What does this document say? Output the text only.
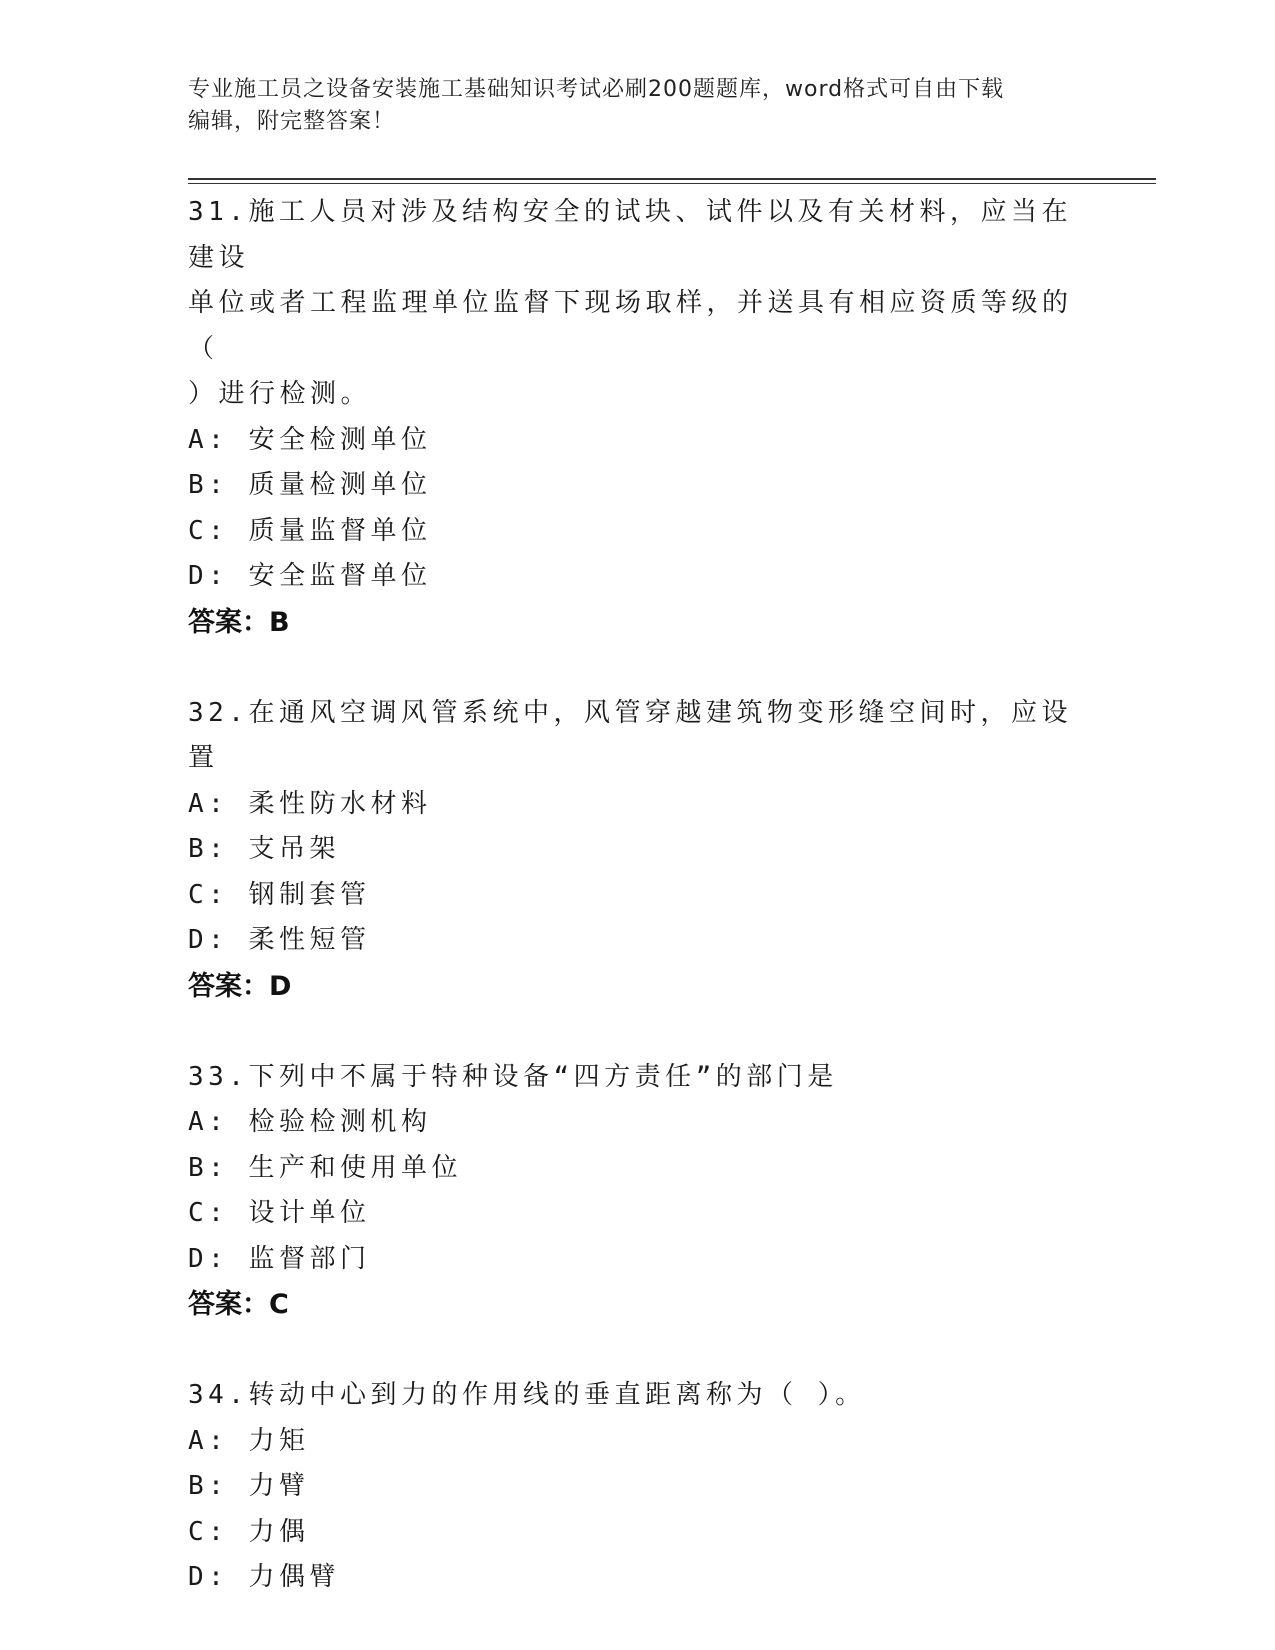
专业施工员之设备安装施工基础知识考试必刷200题题库，word格式可自由下载
编辑，附完整答案！
31.施工人员对涉及结构安全的试块、试件以及有关材料，应当在建设
单位或者工程监理单位监督下现场取样，并送具有相应资质等级的（
）进行检测。
A: 安全检测单位
B: 质量检测单位
C: 质量监督单位
D: 安全监督单位
答案：B
32.在通风空调风管系统中，风管穿越建筑物变形缝空间时，应设置
A: 柔性防水材料
B: 支吊架
C: 钢制套管
D: 柔性短管
答案：D
33.下列中不属于特种设备“四方责任”的部门是
A: 检验检测机构
B: 生产和使用单位
C: 设计单位
D: 监督部门
答案：C
34.转动中心到力的作用线的垂直距离称为（ ）。
A: 力矩
B: 力臂
C: 力偶
D: 力偶臂
